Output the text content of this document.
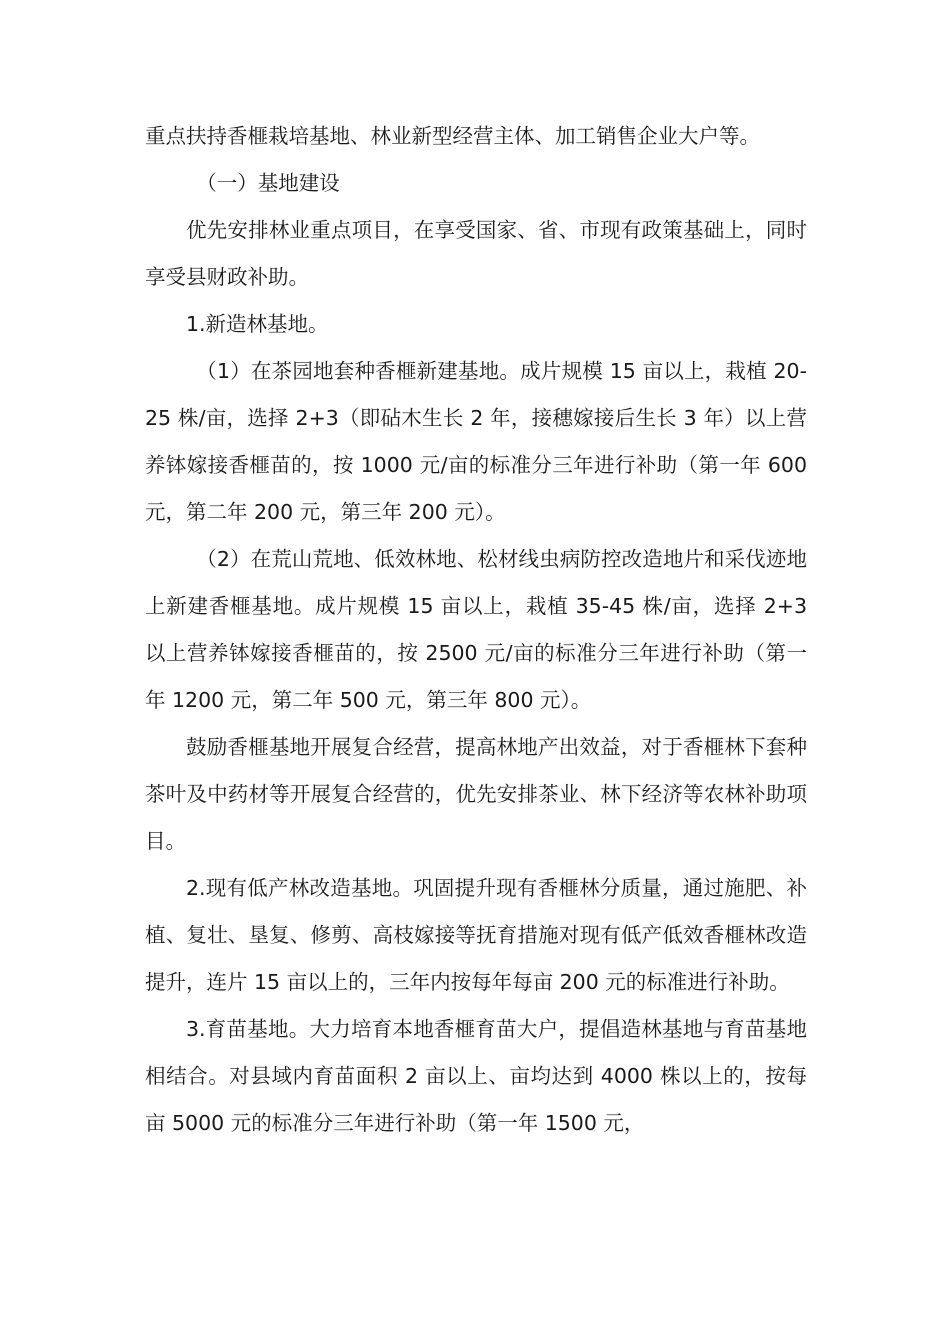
重点扶持香榧栽培基地、林业新型经营主体、加工销售企业大户等。

（一）基地建设

优先安排林业重点项目，在享受国家、省、市现有政策基础上，同时享受县财政补助。

1.新造林基地。

（1）在茶园地套种香榧新建基地。成片规模 15 亩以上，栽植 20-25 株/亩，选择 2+3（即砧木生长 2 年，接穗嫁接后生长 3 年）以上营养钵嫁接香榧苗的，按 1000 元/亩的标准分三年进行补助（第一年 600 元，第二年 200 元，第三年 200 元）。

（2）在荒山荒地、低效林地、松材线虫病防控改造地片和采伐迹地上新建香榧基地。成片规模 15 亩以上，栽植 35-45 株/亩，选择 2+3 以上营养钵嫁接香榧苗的，按 2500 元/亩的标准分三年进行补助（第一年 1200 元，第二年 500 元，第三年 800 元）。

鼓励香榧基地开展复合经营，提高林地产出效益，对于香榧林下套种茶叶及中药材等开展复合经营的，优先安排茶业、林下经济等农林补助项目。

2.现有低产林改造基地。巩固提升现有香榧林分质量，通过施肥、补植、复壮、垦复、修剪、高枝嫁接等抚育措施对现有低产低效香榧林改造提升，连片 15 亩以上的，三年内按每年每亩 200 元的标准进行补助。

3.育苗基地。大力培育本地香榧育苗大户，提倡造林基地与育苗基地相结合。对县域内育苗面积 2 亩以上、亩均达到 4000 株以上的，按每亩 5000 元的标准分三年进行补助（第一年 1500 元，
